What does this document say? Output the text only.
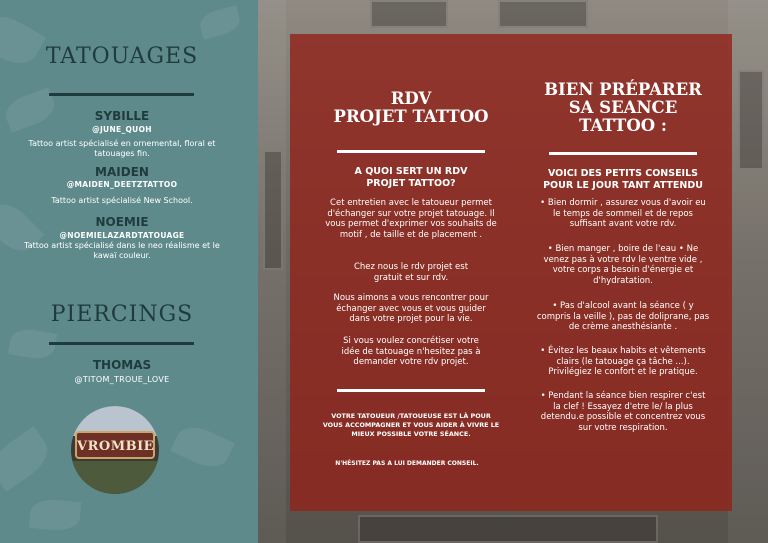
TATOUAGES
SYBILLE
@JUNE_QUOH
Tattoo artist spécialisé en ornemental, floral et tatouages fin.
MAIDEN
@MAIDEN_DEETZTATTOO
Tattoo artist spécialisé New School.
NOEMIE
@NOEMIELAZARDTATOUAGE
Tattoo artist spécialisé dans le neo réalisme et le kawaï couleur.
PIERCINGS
THOMAS
@TITOM_TROUE_LOVE
VROMBIE
RDV
PROJET TATTOO
A QUOI SERT UN RDV
PROJET TATTOO?
Cet entretien avec le tatoueur permet d'échanger sur votre projet tatouage. Il vous permet d'exprimer vos souhaits de motif , de taille et de placement .
Chez nous le rdv projet est gratuit et sur rdv.
Nous aimons a vous rencontrer pour échanger avec vous et vous guider dans votre projet pour la vie.
Si vous voulez concrétiser votre idée de tatouage n'hesitez pas à demander votre rdv projet.
VOTRE TATOUEUR /TATOUEUSE EST LÀ POUR VOUS ACCOMPAGNER ET VOUS AIDER À VIVRE LE MIEUX POSSIBLE VOTRE SÉANCE.
N'HÉSITEZ PAS A LUI DEMANDER CONSEIL.
BIEN PRÉPARER
SA SEANCE
TATTOO :
VOICI DES PETITS CONSEILS
POUR LE JOUR TANT ATTENDU
• Bien dormir , assurez vous d'avoir eu le temps de sommeil et de repos suffisant avant votre rdv.
• Bien manger , boire de l'eau • Ne venez pas à votre rdv le ventre vide , votre corps a besoin d'énergie et d'hydratation.
• Pas d'alcool avant la séance ( y compris la veille ), pas de doliprane, pas de crème anesthésiante .
• Évitez les beaux habits et vêtements clairs (le tatouage ça tâche ...). Privilégiez le confort et le pratique.
• Pendant la séance bien respirer c'est la clef ! Essayez d'etre le/ la plus detendu.e possible et concentrez vous sur votre respiration.
